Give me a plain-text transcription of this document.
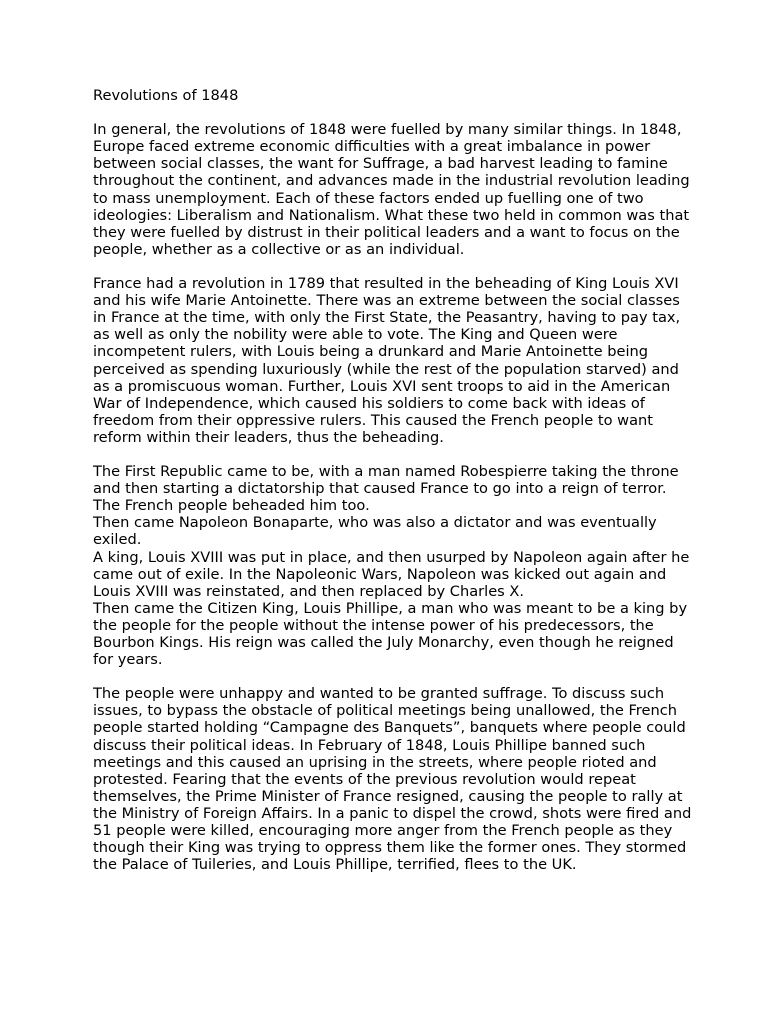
Revolutions of 1848

In general, the revolutions of 1848 were fuelled by many similar things. In 1848, Europe faced extreme economic difficulties with a great imbalance in power between social classes, the want for Suffrage, a bad harvest leading to famine throughout the continent, and advances made in the industrial revolution leading to mass unemployment. Each of these factors ended up fuelling one of two ideologies: Liberalism and Nationalism. What these two held in common was that they were fuelled by distrust in their political leaders and a want to focus on the people, whether as a collective or as an individual.

France had a revolution in 1789 that resulted in the beheading of King Louis XVI and his wife Marie Antoinette. There was an extreme between the social classes in France at the time, with only the First State, the Peasantry, having to pay tax, as well as only the nobility were able to vote. The King and Queen were incompetent rulers, with Louis being a drunkard and Marie Antoinette being perceived as spending luxuriously (while the rest of the population starved) and as a promiscuous woman. Further, Louis XVI sent troops to aid in the American War of Independence, which caused his soldiers to come back with ideas of freedom from their oppressive rulers. This caused the French people to want reform within their leaders, thus the beheading.

The First Republic came to be, with a man named Robespierre taking the throne and then starting a dictatorship that caused France to go into a reign of terror. The French people beheaded him too.

Then came Napoleon Bonaparte, who was also a dictator and was eventually exiled.

A king, Louis XVIII was put in place, and then usurped by Napoleon again after he came out of exile. In the Napoleonic Wars, Napoleon was kicked out again and Louis XVIII was reinstated, and then replaced by Charles X.

Then came the Citizen King, Louis Phillipe, a man who was meant to be a king by the people for the people without the intense power of his predecessors, the Bourbon Kings. His reign was called the July Monarchy, even though he reigned for years.

The people were unhappy and wanted to be granted suffrage. To discuss such issues, to bypass the obstacle of political meetings being unallowed, the French people started holding “Campagne des Banquets”, banquets where people could discuss their political ideas. In February of 1848, Louis Phillipe banned such meetings and this caused an uprising in the streets, where people rioted and protested. Fearing that the events of the previous revolution would repeat themselves, the Prime Minister of France resigned, causing the people to rally at the Ministry of Foreign Affairs. In a panic to dispel the crowd, shots were fired and 51 people were killed, encouraging more anger from the French people as they though their King was trying to oppress them like the former ones. They stormed the Palace of Tuileries, and Louis Phillipe, terrified, flees to the UK.
